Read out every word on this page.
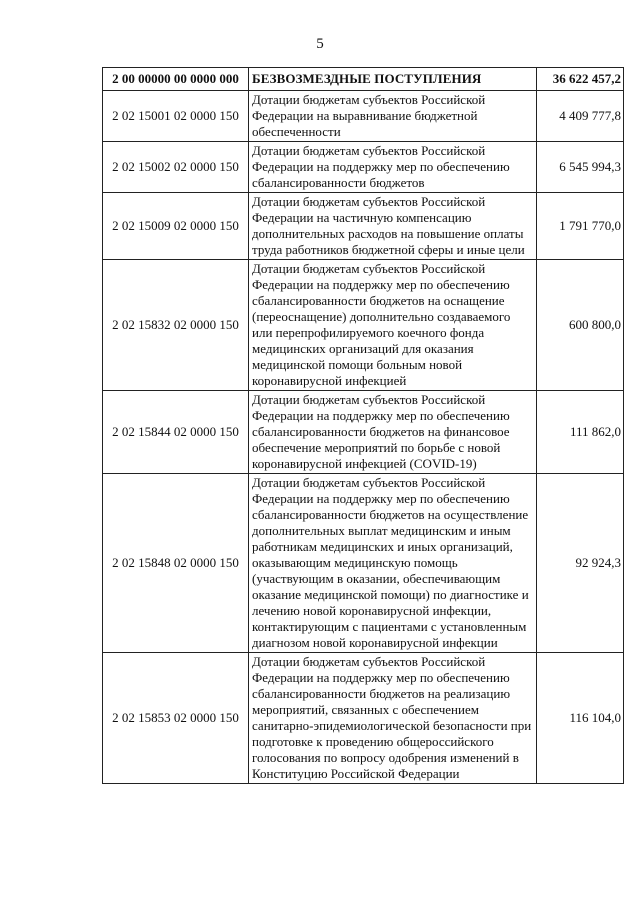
5
2 00 00000 00 0000 000	БЕЗВОЗМЕЗДНЫЕ ПОСТУПЛЕНИЯ	36 622 457,2
2 02 15001 02 0000 150	Дотации бюджетам субъектов Российской Федерации на выравнивание бюджетной обеспеченности	4 409 777,8
2 02 15002 02 0000 150	Дотации бюджетам субъектов Российской Федерации на поддержку мер по обеспечению сбалансированности бюджетов	6 545 994,3
2 02 15009 02 0000 150	Дотации бюджетам субъектов Российской Федерации на частичную компенсацию дополнительных расходов на повышение оплаты труда работников бюджетной сферы и иные цели	1 791 770,0
2 02 15832 02 0000 150	Дотации бюджетам субъектов Российской Федерации на поддержку мер по обеспечению сбалансированности бюджетов на оснащение (переоснащение) дополнительно создаваемого или перепрофилируемого коечного фонда медицинских организаций для оказания медицинской помощи больным новой коронавирусной инфекцией	600 800,0
2 02 15844 02 0000 150	Дотации бюджетам субъектов Российской Федерации на поддержку мер по обеспечению сбалансированности бюджетов на финансовое обеспечение мероприятий по борьбе с новой коронавирусной инфекцией (COVID-19)	111 862,0
2 02 15848 02 0000 150	Дотации бюджетам субъектов Российской Федерации на поддержку мер по обеспечению сбалансированности бюджетов на осуществление дополнительных выплат медицинским и иным работникам медицинских и иных организаций, оказывающим медицинскую помощь (участвующим в оказании, обеспечивающим оказание медицинской помощи) по диагностике и лечению новой коронавирусной инфекции, контактирующим с пациентами с установленным диагнозом новой коронавирусной инфекции	92 924,3
2 02 15853 02 0000 150	Дотации бюджетам субъектов Российской Федерации на поддержку мер по обеспечению сбалансированности бюджетов на реализацию мероприятий, связанных с обеспечением санитарно-эпидемиологической безопасности при подготовке к проведению общероссийского голосования по вопросу одобрения изменений в Конституцию Российской Федерации	116 104,0
